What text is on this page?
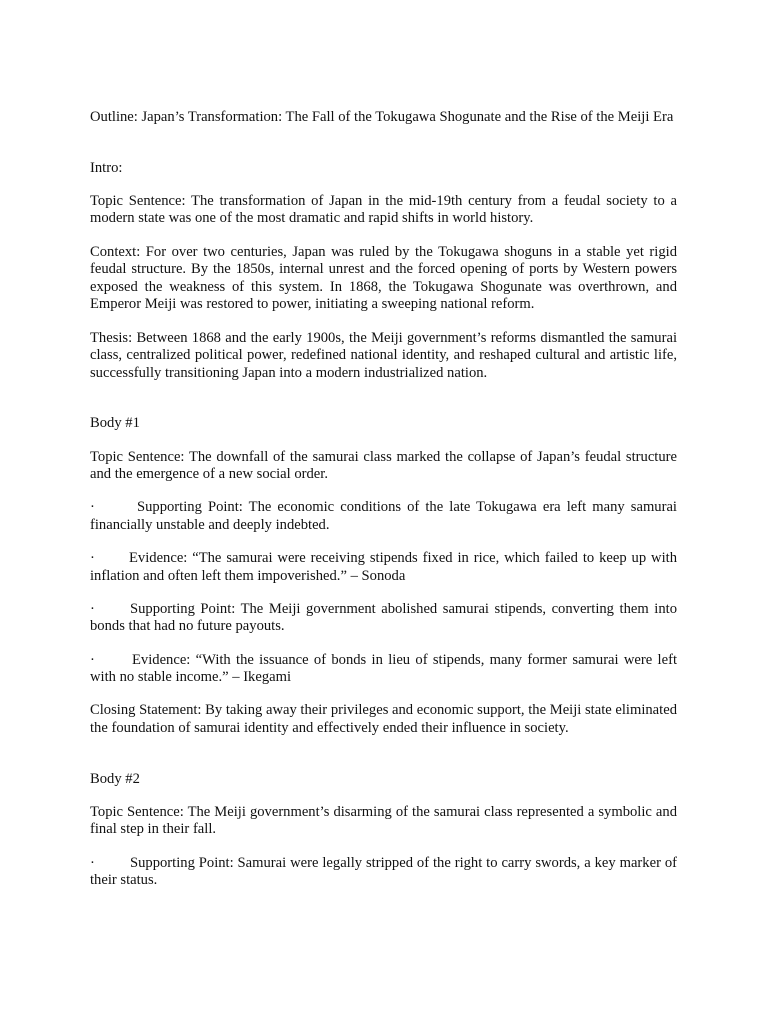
Outline: Japan’s Transformation: The Fall of the Tokugawa Shogunate and the Rise of the Meiji Era

Intro:

Topic Sentence: The transformation of Japan in the mid-19th century from a feudal society to a modern state was one of the most dramatic and rapid shifts in world history.

Context: For over two centuries, Japan was ruled by the Tokugawa shoguns in a stable yet rigid feudal structure. By the 1850s, internal unrest and the forced opening of ports by Western powers exposed the weakness of this system. In 1868, the Tokugawa Shogunate was overthrown, and Emperor Meiji was restored to power, initiating a sweeping national reform.

Thesis: Between 1868 and the early 1900s, the Meiji government’s reforms dismantled the samurai class, centralized political power, redefined national identity, and reshaped cultural and artistic life, successfully transitioning Japan into a modern industrialized nation.

Body #1

Topic Sentence: The downfall of the samurai class marked the collapse of Japan’s feudal structure and the emergence of a new social order.

·	Supporting Point: The economic conditions of the late Tokugawa era left many samurai financially unstable and deeply indebted.

· Evidence: “The samurai were receiving stipends fixed in rice, which failed to keep up with inflation and often left them impoverished.” – Sonoda

· Supporting Point: The Meiji government abolished samurai stipends, converting them into bonds that had no future payouts.

·	Evidence: “With the issuance of bonds in lieu of stipends, many former samurai were left with no stable income.” – Ikegami

Closing Statement: By taking away their privileges and economic support, the Meiji state eliminated the foundation of samurai identity and effectively ended their influence in society.

Body #2

Topic Sentence: The Meiji government’s disarming of the samurai class represented a symbolic and final step in their fall.

· Supporting Point: Samurai were legally stripped of the right to carry swords, a key marker of their status.
